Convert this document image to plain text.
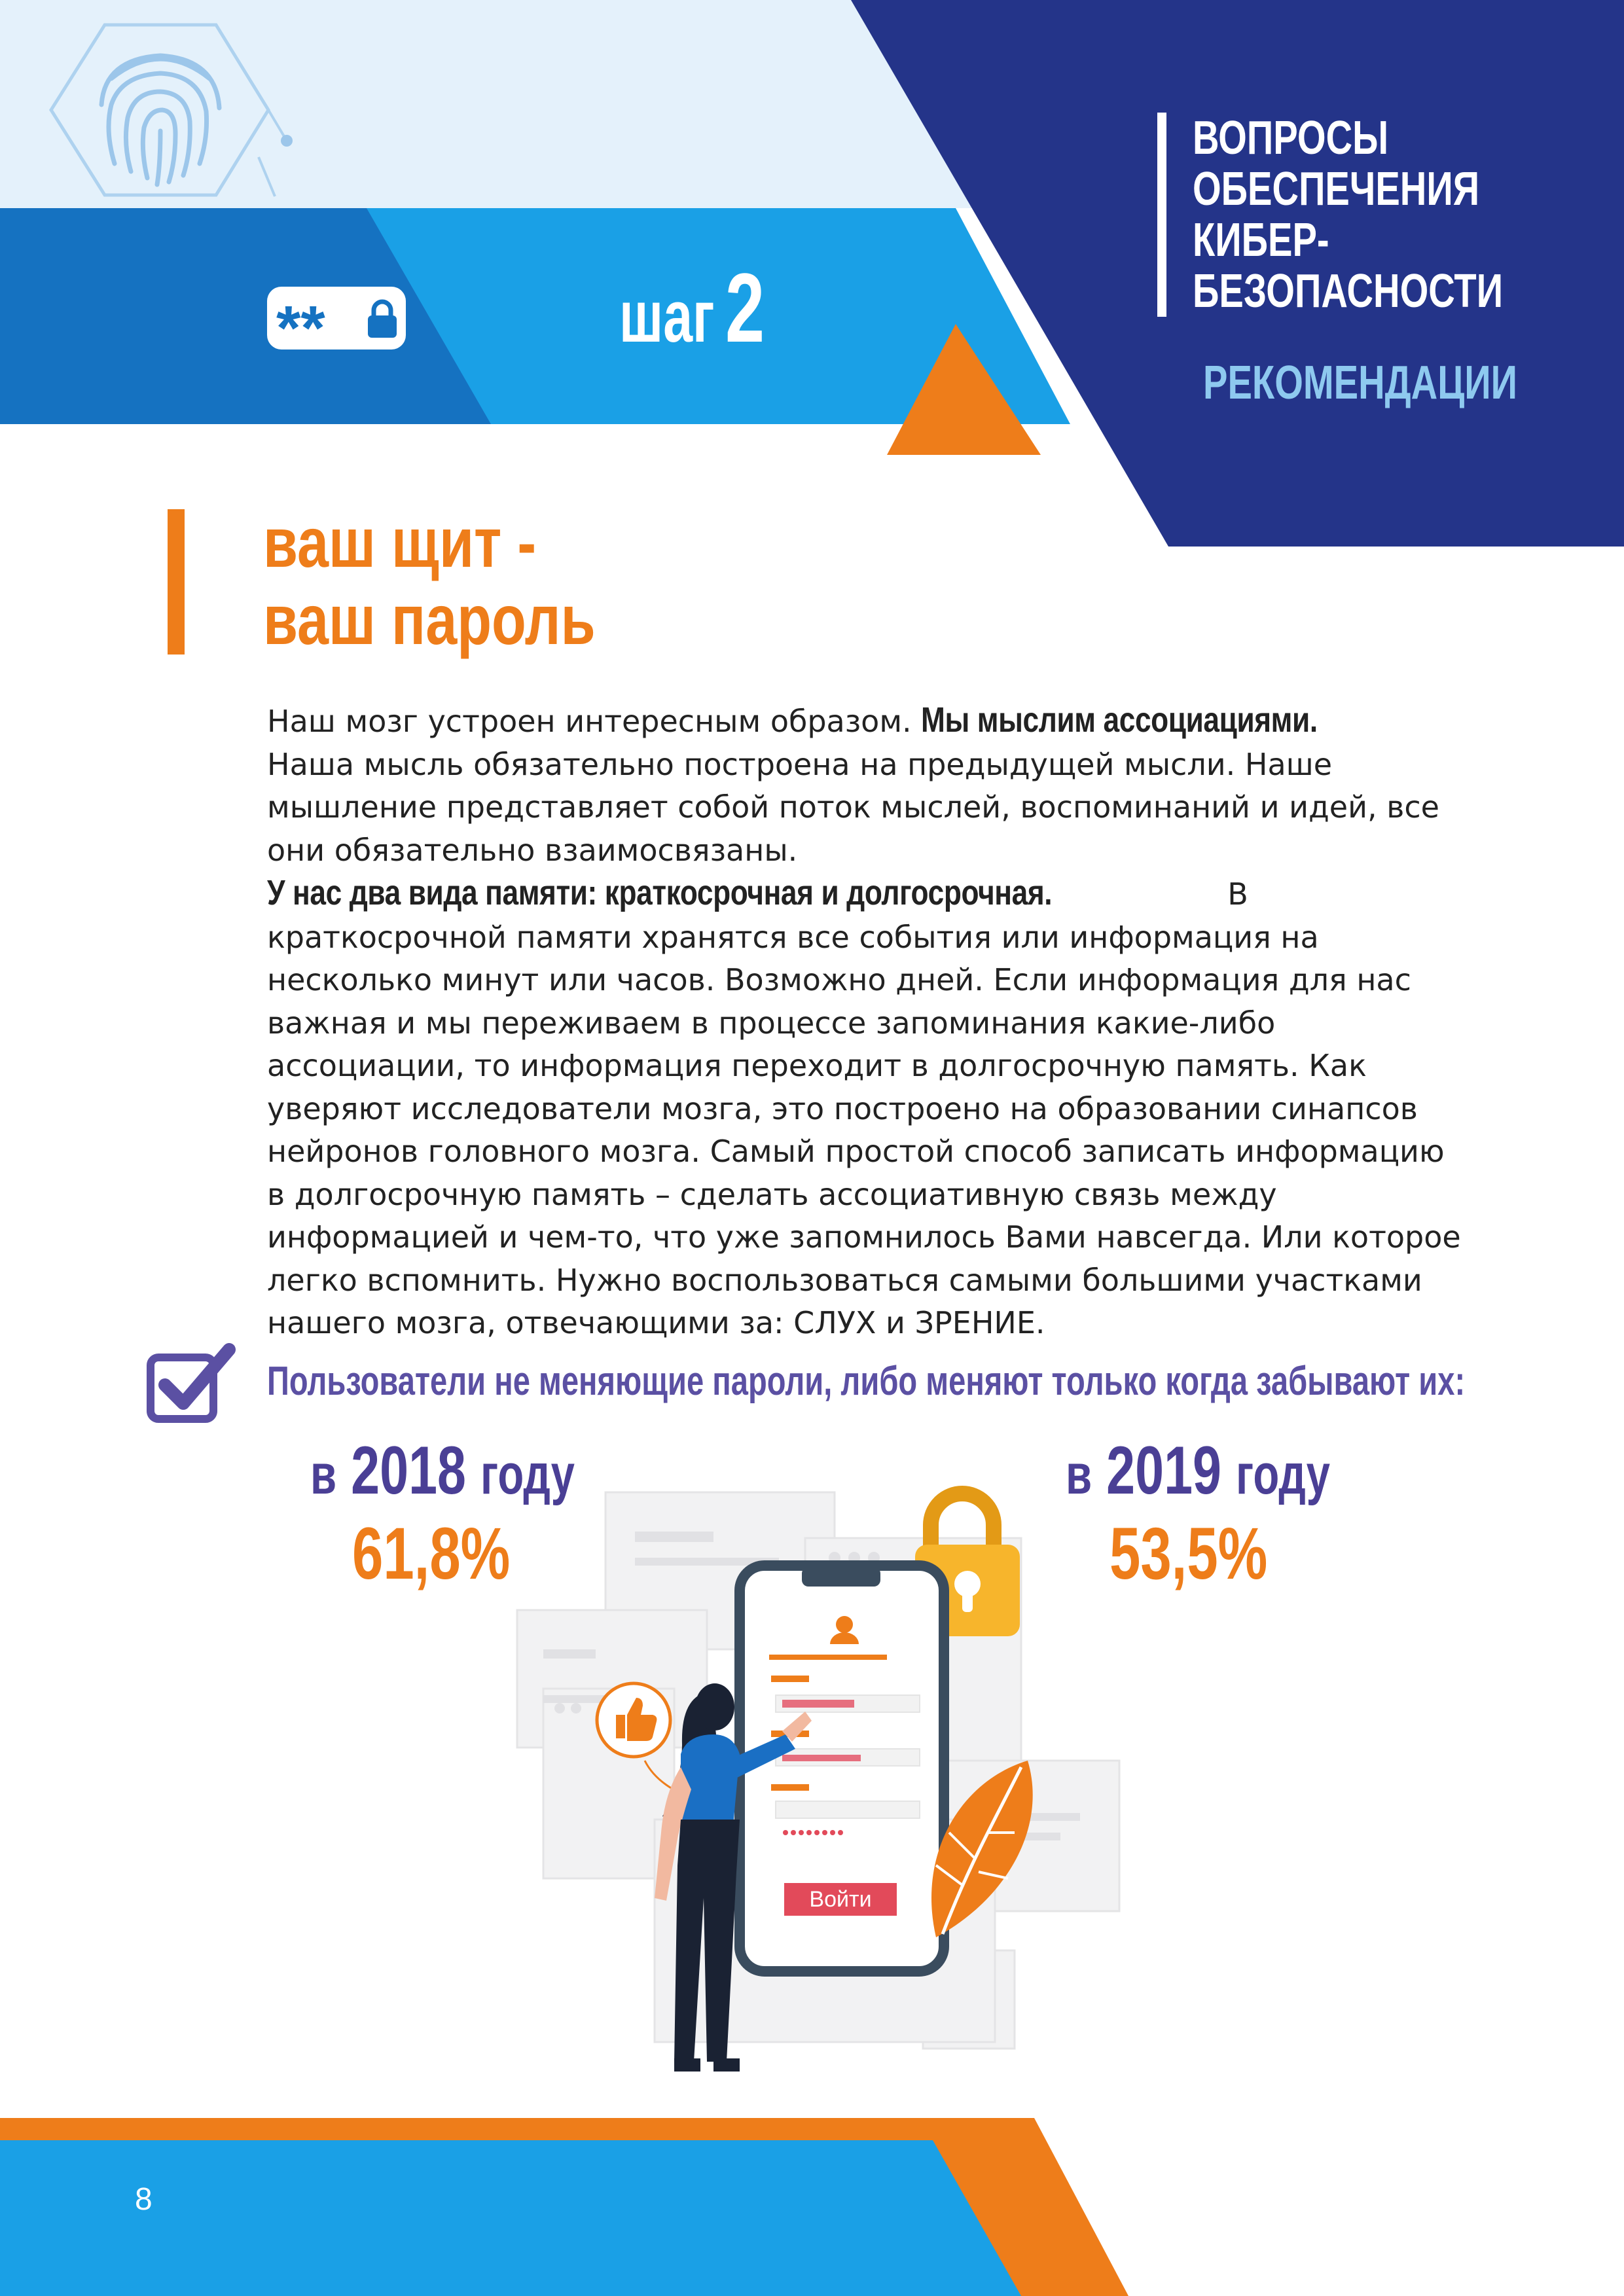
**	шаг 2
ВОПРОСЫ
ОБЕСПЕЧЕНИЯ
КИБЕР-
БЕЗОПАСНОСТИ
РЕКОМЕНДАЦИИ
ваш щит -
ваш пароль
Наш мозг устроен интересным образом. Мы мыслим ассоциациями. Наша мысль обязательно построена на предыдущей мысли. Наше мышление представляет собой поток мыслей, воспоминаний и идей, все они обязательно взаимосвязаны. У нас два вида памяти: краткосрочная и долгосрочная.	В краткосрочной памяти хранятся все события или информация на несколько минут или часов. Возможно дней. Если информация для нас важная и мы переживаем в процессе запоминания какие-либо ассоциации, то информация переходит в долгосрочную память. Как уверяют исследователи мозга, это построено на образовании синапсов нейронов головного мозга. Самый простой способ записать информацию в долгосрочную память – сделать ассоциативную связь между информацией и чем-то, что уже запомнилось Вами навсегда. Или которое легко вспомнить. Нужно воспользоваться самыми большими участками нашего мозга, отвечающими за: СЛУХ и ЗРЕНИЕ.
Пользователи не меняющие пароли, либо меняют только когда забывают их:
в 2018 году
61,8%
в 2019 году
53,5%
Войти
8
